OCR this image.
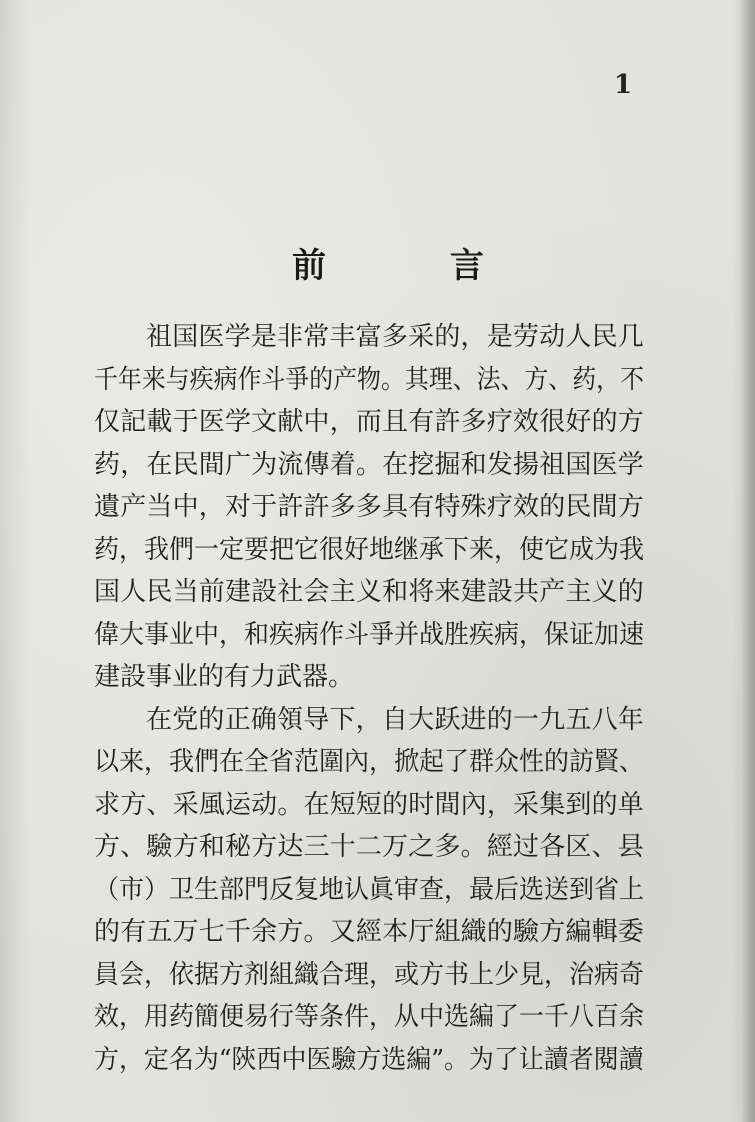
1
前 言
祖国医学是非常丰富多采的，是劳动人民几
千年来与疾病作斗爭的产物。其理、法、方、药，不
仅記載于医学文献中，而且有許多疗效很好的方
药，在民間广为流傳着。在挖掘和发揚祖国医学
遺产当中，对于許許多多具有特殊疗效的民間方
药，我們一定要把它很好地继承下来，使它成为我
国人民当前建設社会主义和将来建設共产主义的
偉大事业中，和疾病作斗爭并战胜疾病，保证加速
建設事业的有力武器。
在党的正确領导下，自大跃进的一九五八年
以来，我們在全省范圍內，掀起了群众性的訪賢、
求方、采風运动。在短短的时間內，采集到的单
方、驗方和秘方达三十二万之多。經过各区、县
（市）卫生部門反复地认眞审查，最后选送到省上
的有五万七千余方。又經本厅組織的驗方編輯委
員会，依据方剂組織合理，或方书上少見，治病奇
效，用药簡便易行等条件，从中选編了一千八百余
方，定名为“陝西中医驗方选編”。为了让讀者閱讀
